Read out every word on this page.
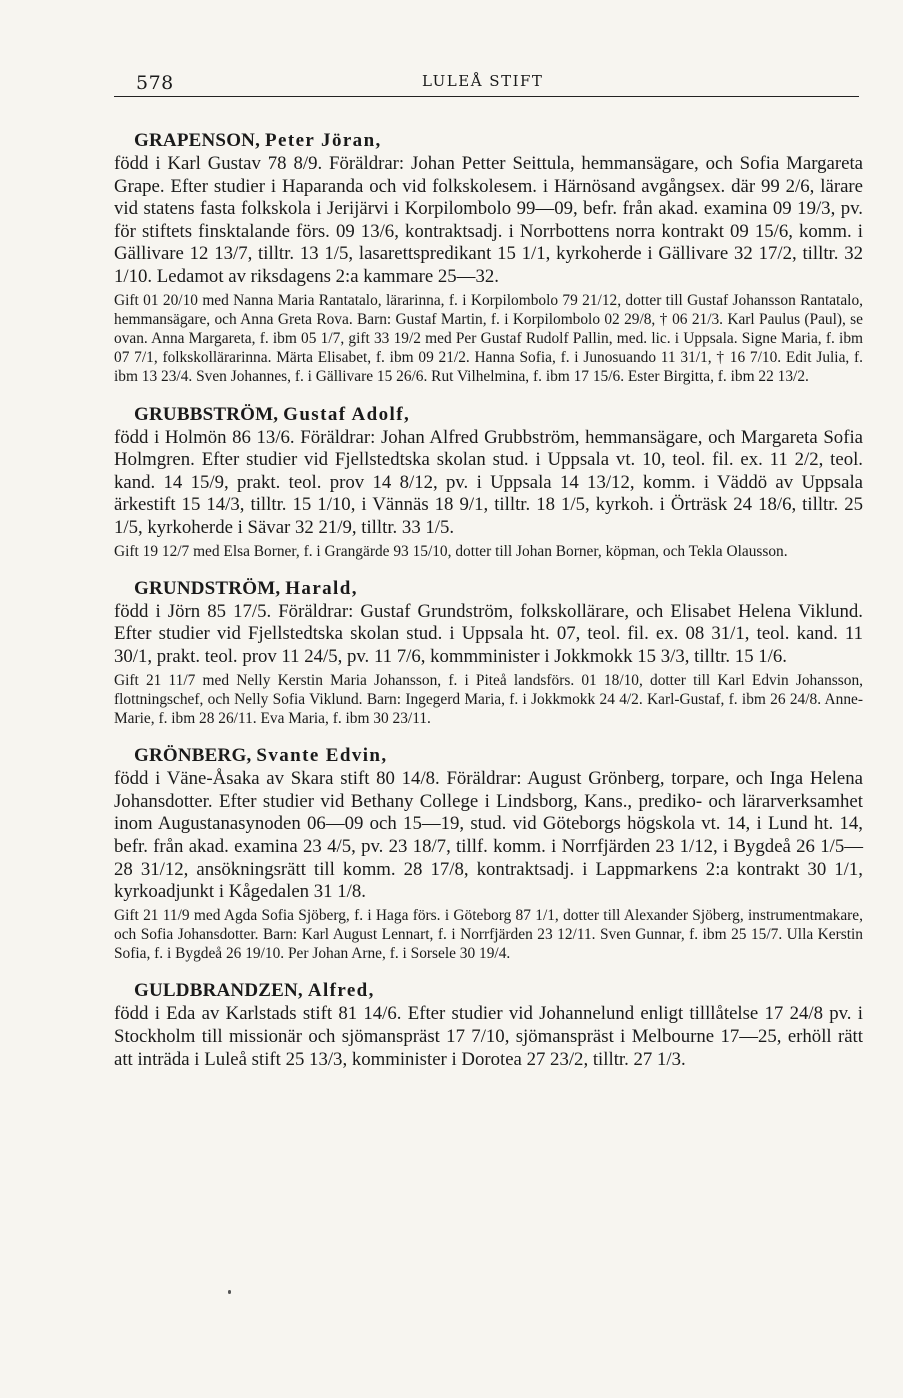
578	LULEÅ STIFT
GRAPENSON, Peter Jöran,

född i Karl Gustav 78 8/9. Föräldrar: Johan Petter Seittula, hemmansägare, och Sofia Margareta Grape. Efter studier i Haparanda och vid folkskolesem. i Härnösand avgångsex. där 99 2/6, lärare vid statens fasta folkskola i Jerijärvi i Korpilombolo 99—09, befr. från akad. examina 09 19/3, pv. för stiftets finsktalande förs. 09 13/6, kontraktsadj. i Norrbottens norra kontrakt 09 15/6, komm. i Gällivare 12 13/7, tilltr. 13 1/5, lasarettspredikant 15 1/1, kyrkoherde i Gällivare 32 17/2, tilltr. 32 1/10. Ledamot av riksdagens 2:a kammare 25—32.

Gift 01 20/10 med Nanna Maria Rantatalo, lärarinna, f. i Korpilombolo 79 21/12, dotter till Gustaf Johansson Rantatalo, hemmansägare, och Anna Greta Rova. Barn: Gustaf Martin, f. i Korpilombolo 02 29/8, † 06 21/3. Karl Paulus (Paul), se ovan. Anna Margareta, f. ibm 05 1/7, gift 33 19/2 med Per Gustaf Rudolf Pallin, med. lic. i Uppsala. Signe Maria, f. ibm 07 7/1, folkskollärarinna. Märta Elisabet, f. ibm 09 21/2. Hanna Sofia, f. i Junosuando 11 31/1, † 16 7/10. Edit Julia, f. ibm 13 23/4. Sven Johannes, f. i Gällivare 15 26/6. Rut Vilhelmina, f. ibm 17 15/6. Ester Birgitta, f. ibm 22 13/2.

GRUBBSTRÖM, Gustaf Adolf,

född i Holmön 86 13/6. Föräldrar: Johan Alfred Grubbström, hemmansägare, och Margareta Sofia Holmgren. Efter studier vid Fjellstedtska skolan stud. i Uppsala vt. 10, teol. fil. ex. 11 2/2, teol. kand. 14 15/9, prakt. teol. prov 14 8/12, pv. i Uppsala 14 13/12, komm. i Väddö av Uppsala ärkestift 15 14/3, tilltr. 15 1/10, i Vännäs 18 9/1, tilltr. 18 1/5, kyrkoh. i Örträsk 24 18/6, tilltr. 25 1/5, kyrkoherde i Sävar 32 21/9, tilltr. 33 1/5.

Gift 19 12/7 med Elsa Borner, f. i Grangärde 93 15/10, dotter till Johan Borner, köpman, och Tekla Olausson.

GRUNDSTRÖM, Harald,

född i Jörn 85 17/5. Föräldrar: Gustaf Grundström, folkskollärare, och Elisabet Helena Viklund. Efter studier vid Fjellstedtska skolan stud. i Uppsala ht. 07, teol. fil. ex. 08 31/1, teol. kand. 11 30/1, prakt. teol. prov 11 24/5, pv. 11 7/6, kommminister i Jokkmokk 15 3/3, tilltr. 15 1/6.

Gift 21 11/7 med Nelly Kerstin Maria Johansson, f. i Piteå landsförs. 01 18/10, dotter till Karl Edvin Johansson, flottningschef, och Nelly Sofia Viklund. Barn: Ingegerd Maria, f. i Jokkmokk 24 4/2. Karl-Gustaf, f. ibm 26 24/8. Anne-Marie, f. ibm 28 26/11. Eva Maria, f. ibm 30 23/11.

GRÖNBERG, Svante Edvin,

född i Väne-Åsaka av Skara stift 80 14/8. Föräldrar: August Grönberg, torpare, och Inga Helena Johansdotter. Efter studier vid Bethany College i Lindsborg, Kans., prediko- och lärarverksamhet inom Augustanasynoden 06—09 och 15—19, stud. vid Göteborgs högskola vt. 14, i Lund ht. 14, befr. från akad. examina 23 4/5, pv. 23 18/7, tillf. komm. i Norrfjärden 23 1/12, i Bygdeå 26 1/5—28 31/12, ansökningsrätt till komm. 28 17/8, kontraktsadj. i Lappmarkens 2:a kontrakt 30 1/1, kyrkoadjunkt i Kågedalen 31 1/8.

Gift 21 11/9 med Agda Sofia Sjöberg, f. i Haga förs. i Göteborg 87 1/1, dotter till Alexander Sjöberg, instrumentmakare, och Sofia Johansdotter. Barn: Karl August Lennart, f. i Norrfjärden 23 12/11. Sven Gunnar, f. ibm 25 15/7. Ulla Kerstin Sofia, f. i Bygdeå 26 19/10. Per Johan Arne, f. i Sorsele 30 19/4.

GULDBRANDZEN, Alfred,

född i Eda av Karlstads stift 81 14/6. Efter studier vid Johannelund enligt tilllåtelse 17 24/8 pv. i Stockholm till missionär och sjömanspräst 17 7/10, sjömanspräst i Melbourne 17—25, erhöll rätt att inträda i Luleå stift 25 13/3, komminister i Dorotea 27 23/2, tilltr. 27 1/3.
